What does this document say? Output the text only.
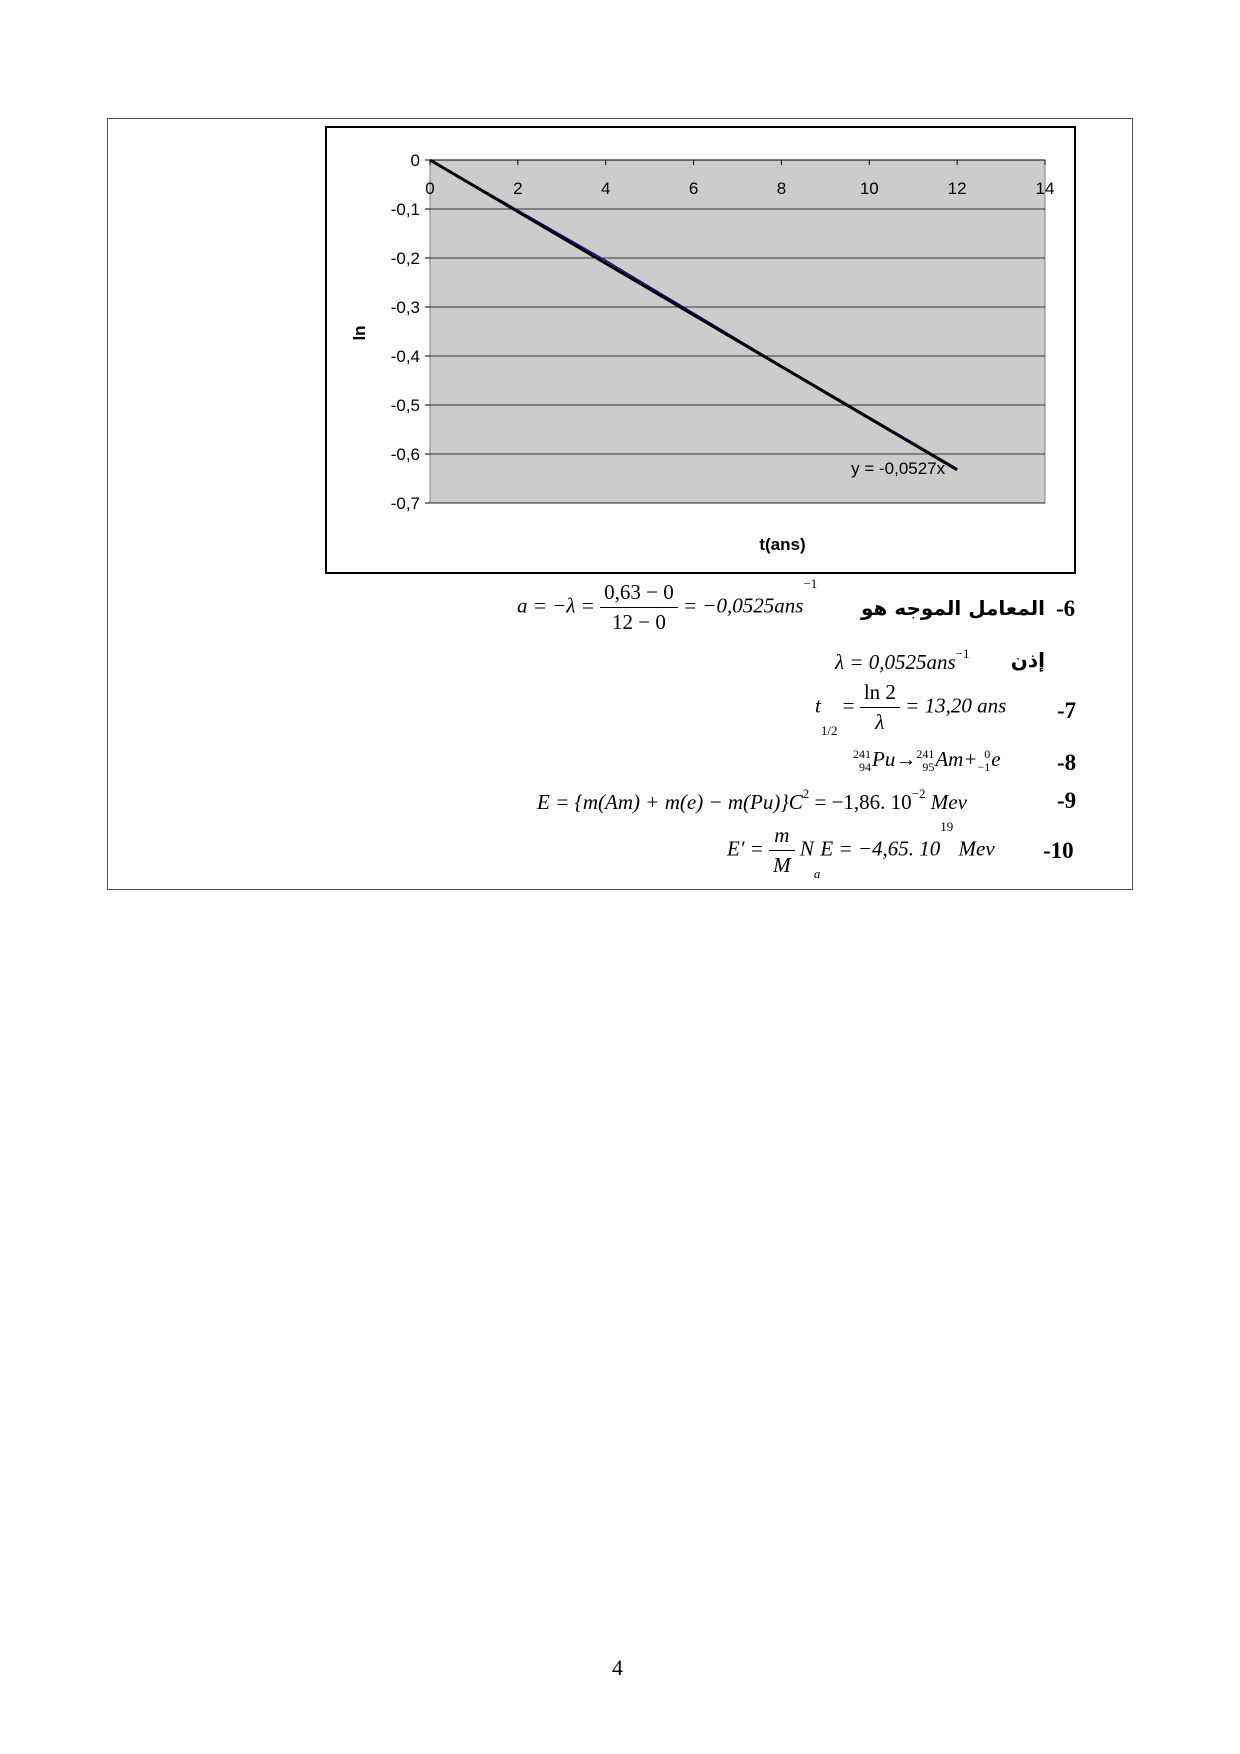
0
-0,1
-0,2
-0,3
-0,4
-0,5
-0,6
-0,7
0	2	4	6	8	10	12	14
y = -0,0527x
t(ans)
ln
-6
المعامل الموجه هو
$a = -\lambda = \frac{0,63 - 0}{12 - 0} = -0,0525ans^{-1}$
إذن
λ = 0,0525ans$^{-1}$
-7
$t1/2 = \frac{\ln 2}{\lambda} = 13,20$ ans
-8
241
94 Pu→ 241
95 Am+ 0
−1 e
-9
$E = \{m(Am) + m(e) - m(Pu)\}C^2 = -1,86$. $10^{-2}$ Mev
-10
$E' = \frac{m}{M}$ NaE = −4,65. $10^{19}$ Mev
4
